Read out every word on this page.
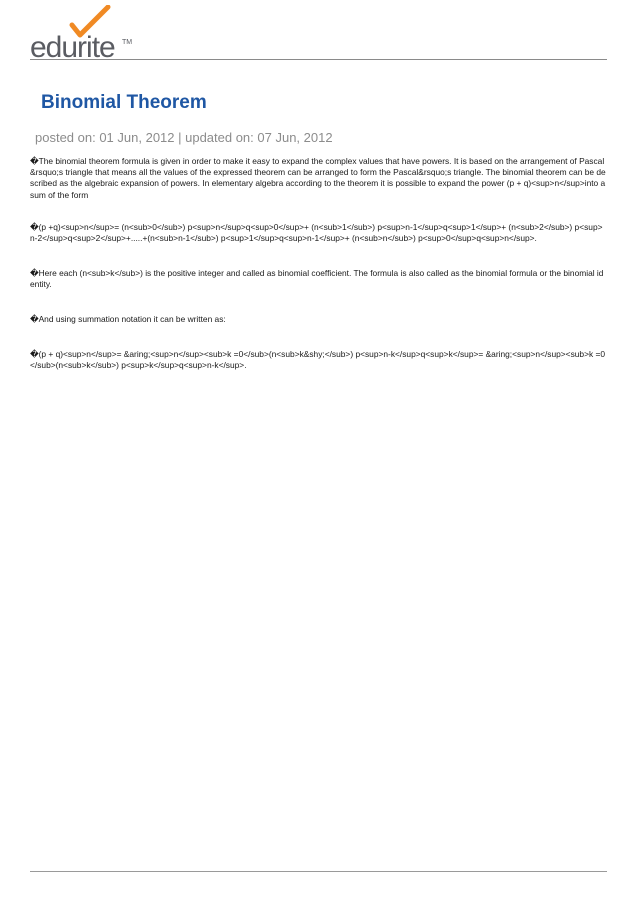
edurite TM
Binomial Theorem
posted on: 01 Jun, 2012 | updated on: 07 Jun, 2012
�The binomial theorem formula is given in order to make it easy to expand the complex values that have powers. It is based on the arrangement of Pascal&rsquo;s triangle that means all the values of the expressed theorem can be arranged to form the Pascal&rsquo;s triangle. The binomial theorem can be described as the algebraic expansion of powers. In elementary algebra according to the theorem it is possible to expand the power (p + q)<sup>n</sup>into a sum of the form
�(p +q)<sup>n</sup>= (n<sub>0</sub>) p<sup>n</sup>q<sup>0</sup>+ (n<sub>1</sub>) p<sup>n-1</sup>q<sup>1</sup>+ (n<sub>2</sub>) p<sup>n-2</sup>q<sup>2</sup>+.....+(n<sub>n-1</sub>) p<sup>1</sup>q<sup>n-1</sup>+ (n<sub>n</sub>) p<sup>0</sup>q<sup>n</sup>.
�Here each (n<sub>k</sub>) is the positive integer and called as binomial coefficient. The formula is also called as the binomial formula or the binomial identity.
�And using summation notation it can be written as:
�(p + q)<sup>n</sup>= &aring;<sup>n</sup><sub>k =0</sub>(n<sub>k&shy;</sub>) p<sup>n-k</sup>q<sup>k</sup>= &aring;<sup>n</sup><sub>k =0</sub>(n<sub>k</sub>) p<sup>k</sup>q<sup>n-k</sup>.
